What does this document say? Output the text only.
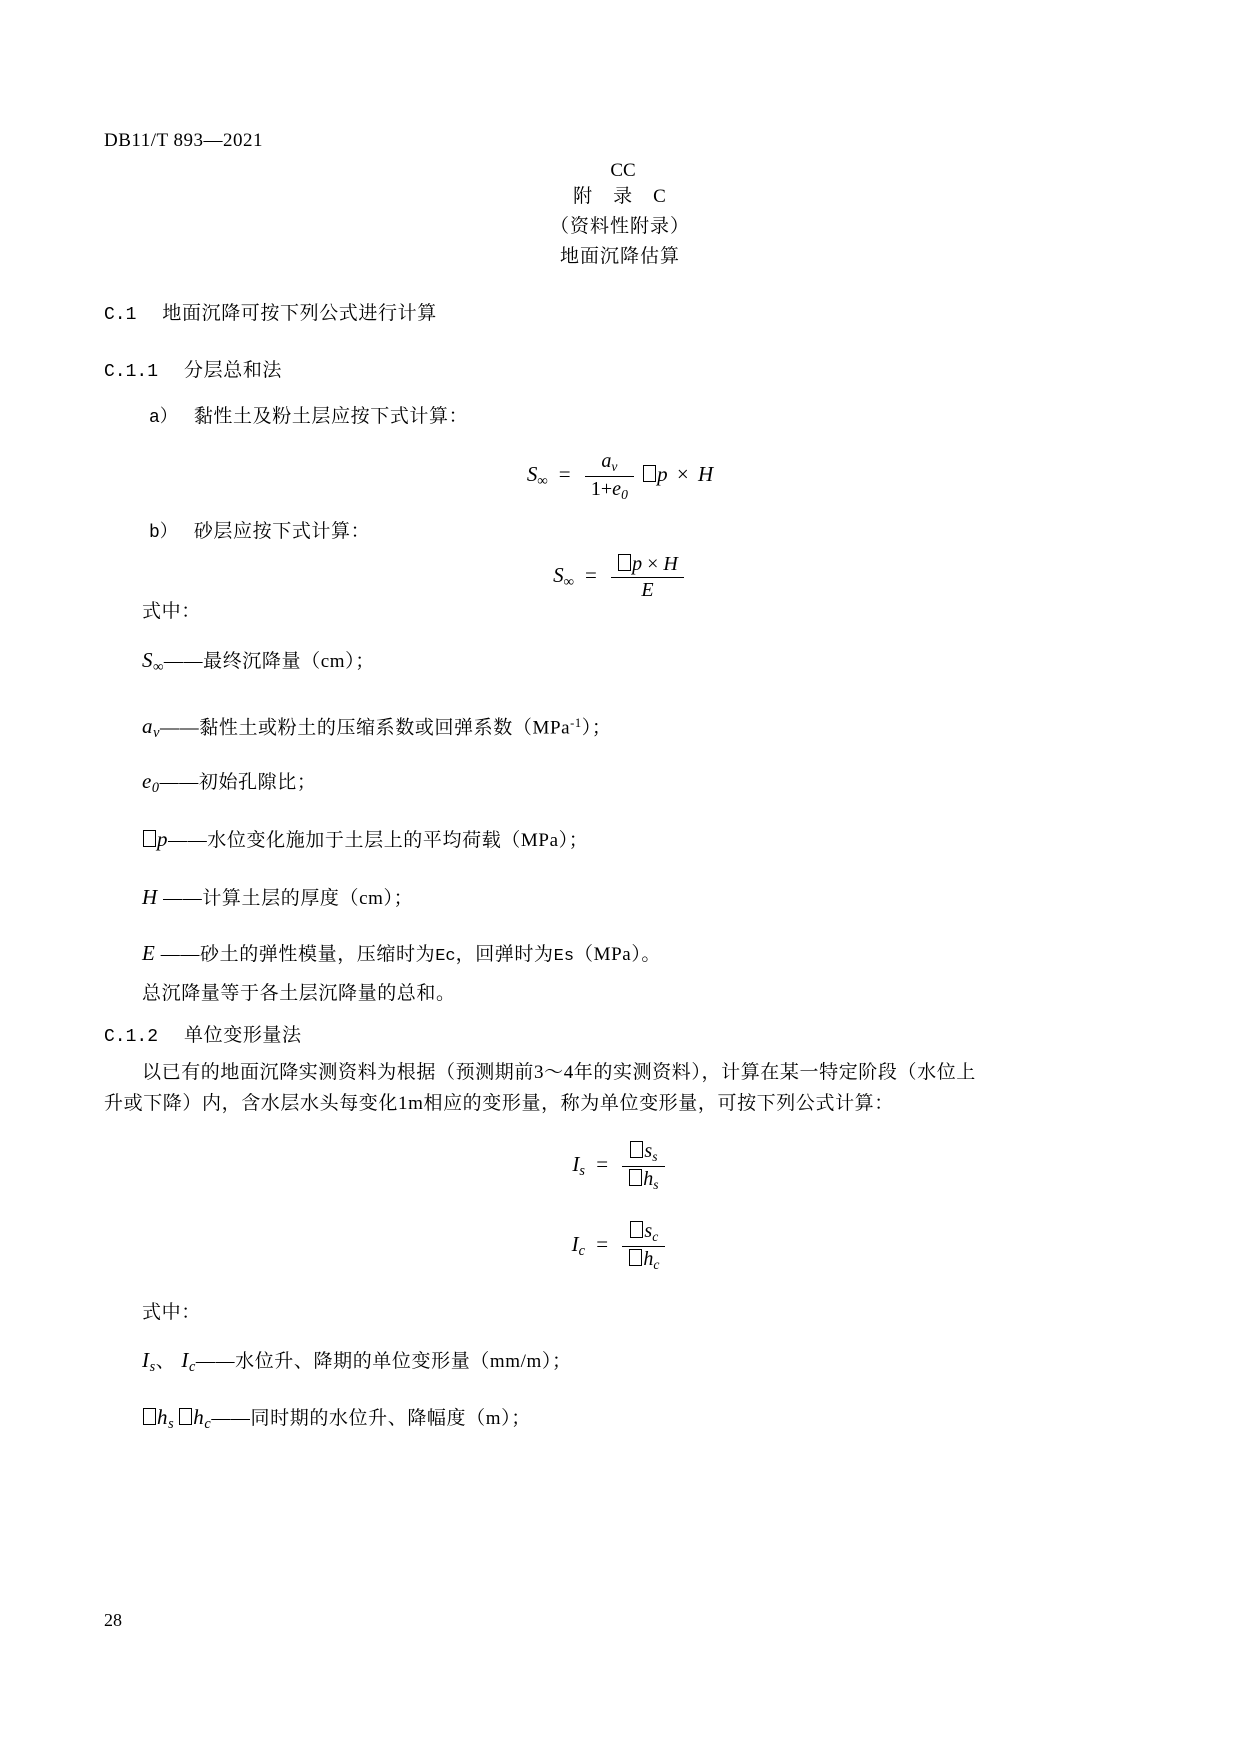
DB11/T 893—2021
CC
附　录　C
（资料性附录）
地面沉降估算
C.1 地面沉降可按下列公式进行计算
C.1.1 分层总和法
a） 黏性土及粉土层应按下式计算：
$S_\infty = \frac{a_v}{1+e_0}$ p × H
b） 砂层应按下式计算：
$S_\infty = \frac{p \times H}{E}$
式中：
$S_\infty——$最终沉降量（cm）；
$a_v——$黏性土或粉土的压缩系数或回弹系数（MPa$^{-1}$）；
$e_0——$初始孔隙比；
p——水位变化施加于土层上的平均荷载（MPa）；
H ——计算土层的厚度（cm）；
E ——砂土的弹性模量，压缩时为Ec，回弹时为Es（MPa）。
总沉降量等于各土层沉降量的总和。
C.1.2 单位变形量法
以已有的地面沉降实测资料为根据（预测期前3～4年的实测资料），计算在某一特定阶段（水位上
升或下降）内，含水层水头每变化1m相应的变形量，称为单位变形量，可按下列公式计算：
$I_s = \frac{s_s}{h_s}$
$I_c = \frac{s_c}{h_c}$
式中：
$I_s$、 $I_c——$水位升、降期的单位变形量（mm/m）；
$h_s$ $h_c——$同时期的水位升、降幅度（m）；
28
